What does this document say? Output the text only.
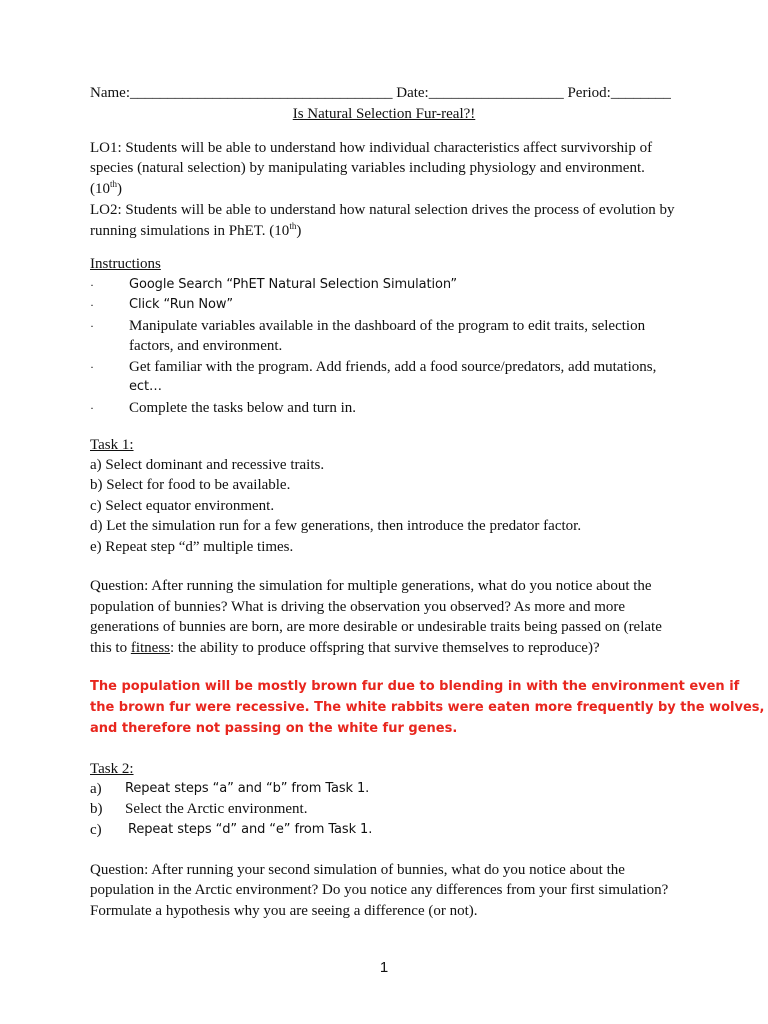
Name:___________________________________ Date:__________________ Period:________
Is Natural Selection Fur-real?!
LO1: Students will be able to understand how individual characteristics affect survivorship of
species (natural selection) by manipulating variables including physiology and environment.
(10th)
LO2: Students will be able to understand how natural selection drives the process of evolution by
running simulations in PhET. (10th)
Instructions
·	Google Search “PhET Natural Selection Simulation”
·	Click “Run Now”
·	Manipulate variables available in the dashboard of the program to edit traits, selection
factors, and environment.
·	Get familiar with the program. Add friends, add a food source/predators, add mutations,
ect…
·	Complete the tasks below and turn in.
Task 1:
a) Select dominant and recessive traits.
b) Select for food to be available.
c) Select equator environment.
d) Let the simulation run for a few generations, then introduce the predator factor.
e) Repeat step “d” multiple times.
Question: After running the simulation for multiple generations, what do you notice about the
population of bunnies? What is driving the observation you observed? As more and more
generations of bunnies are born, are more desirable or undesirable traits being passed on (relate
this to fitness: the ability to produce offspring that survive themselves to reproduce)?
The population will be mostly brown fur due to blending in with the environment even if
the brown fur were recessive. The white rabbits were eaten more frequently by the wolves,
and therefore not passing on the white fur genes.
Task 2:
a) Repeat steps “a” and “b” from Task 1.
b) Select the Arctic environment.
c) Repeat steps “d” and “e” from Task 1.
Question: After running your second simulation of bunnies, what do you notice about the
population in the Arctic environment? Do you notice any differences from your first simulation?
Formulate a hypothesis why you are seeing a difference (or not).
1
